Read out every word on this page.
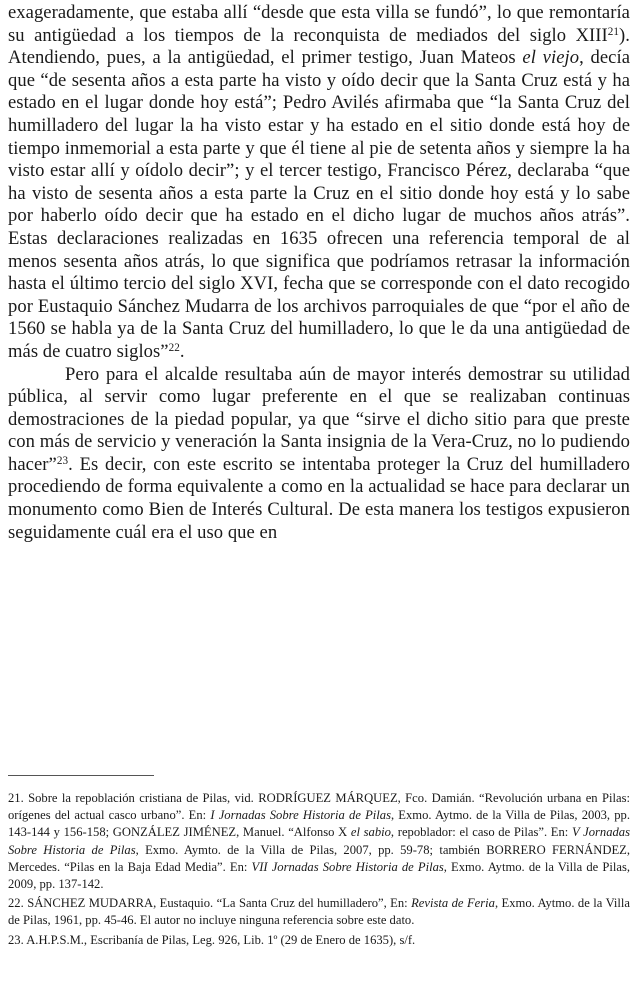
exageradamente, que estaba allí “desde que esta villa se fundó”, lo que remontaría su antigüedad a los tiempos de la reconquista de mediados del siglo XIII$^{21}$). Atendiendo, pues, a la antigüedad, el primer testigo, Juan Mateos el viejo, decía que “de sesenta años a esta parte ha visto y oído decir que la Santa Cruz está y ha estado en el lugar donde hoy está”; Pedro Avilés afirmaba que “la Santa Cruz del humilladero del lugar la ha visto estar y ha estado en el sitio donde está hoy de tiempo inmemorial a esta parte y que él tiene al pie de setenta años y siempre la ha visto estar allí y oídolo decir”; y el tercer testigo, Francisco Pérez, declaraba “que ha visto de sesenta años a esta parte la Cruz en el sitio donde hoy está y lo sabe por haberlo oído decir que ha estado en el dicho lugar de muchos años atrás”. Estas declaraciones realizadas en 1635 ofrecen una referencia temporal de al menos sesenta años atrás, lo que significa que podríamos retrasar la información hasta el último tercio del siglo XVI, fecha que se corresponde con el dato recogido por Eustaquio Sánchez Mudarra de los archivos parroquiales de que “por el año de 1560 se habla ya de la Santa Cruz del humilladero, lo que le da una antigüedad de más de cuatro siglos”$^{22}$.

Pero para el alcalde resultaba aún de mayor interés demostrar su utilidad pública, al servir como lugar preferente en el que se realizaban continuas demostraciones de la piedad popular, ya que “sirve el dicho sitio para que preste con más de servicio y veneración la Santa insignia de la Vera-Cruz, no lo pudiendo hacer”$^{23}$. Es decir, con este escrito se intentaba proteger la Cruz del humilladero procediendo de forma equivalente a como en la actualidad se hace para declarar un monumento como Bien de Interés Cultural. De esta manera los testigos expusieron seguidamente cuál era el uso que en

21. Sobre la repoblación cristiana de Pilas, vid. RODRÍGUEZ MÁRQUEZ, Fco. Damián. “Revolución urbana en Pilas: orígenes del actual casco urbano”. En: I Jornadas Sobre Historia de Pilas, Exmo. Aytmo. de la Villa de Pilas, 2003, pp. 143-144 y 156-158; GONZÁLEZ JIMÉNEZ, Manuel. “Alfonso X el sabio, repoblador: el caso de Pilas”. En: V Jornadas Sobre Historia de Pilas, Exmo. Aymto. de la Villa de Pilas, 2007, pp. 59-78; también BORRERO FERNÁNDEZ, Mercedes. “Pilas en la Baja Edad Media”. En: VII Jornadas Sobre Historia de Pilas, Exmo. Aytmo. de la Villa de Pilas, 2009, pp. 137-142.

22. SÁNCHEZ MUDARRA, Eustaquio. “La Santa Cruz del humilladero”, En: Revista de Feria, Exmo. Aytmo. de la Villa de Pilas, 1961, pp. 45-46. El autor no incluye ninguna referencia sobre este dato.

23. A.H.P.S.M., Escribanía de Pilas, Leg. 926, Lib. 1º (29 de Enero de 1635), s/f.
